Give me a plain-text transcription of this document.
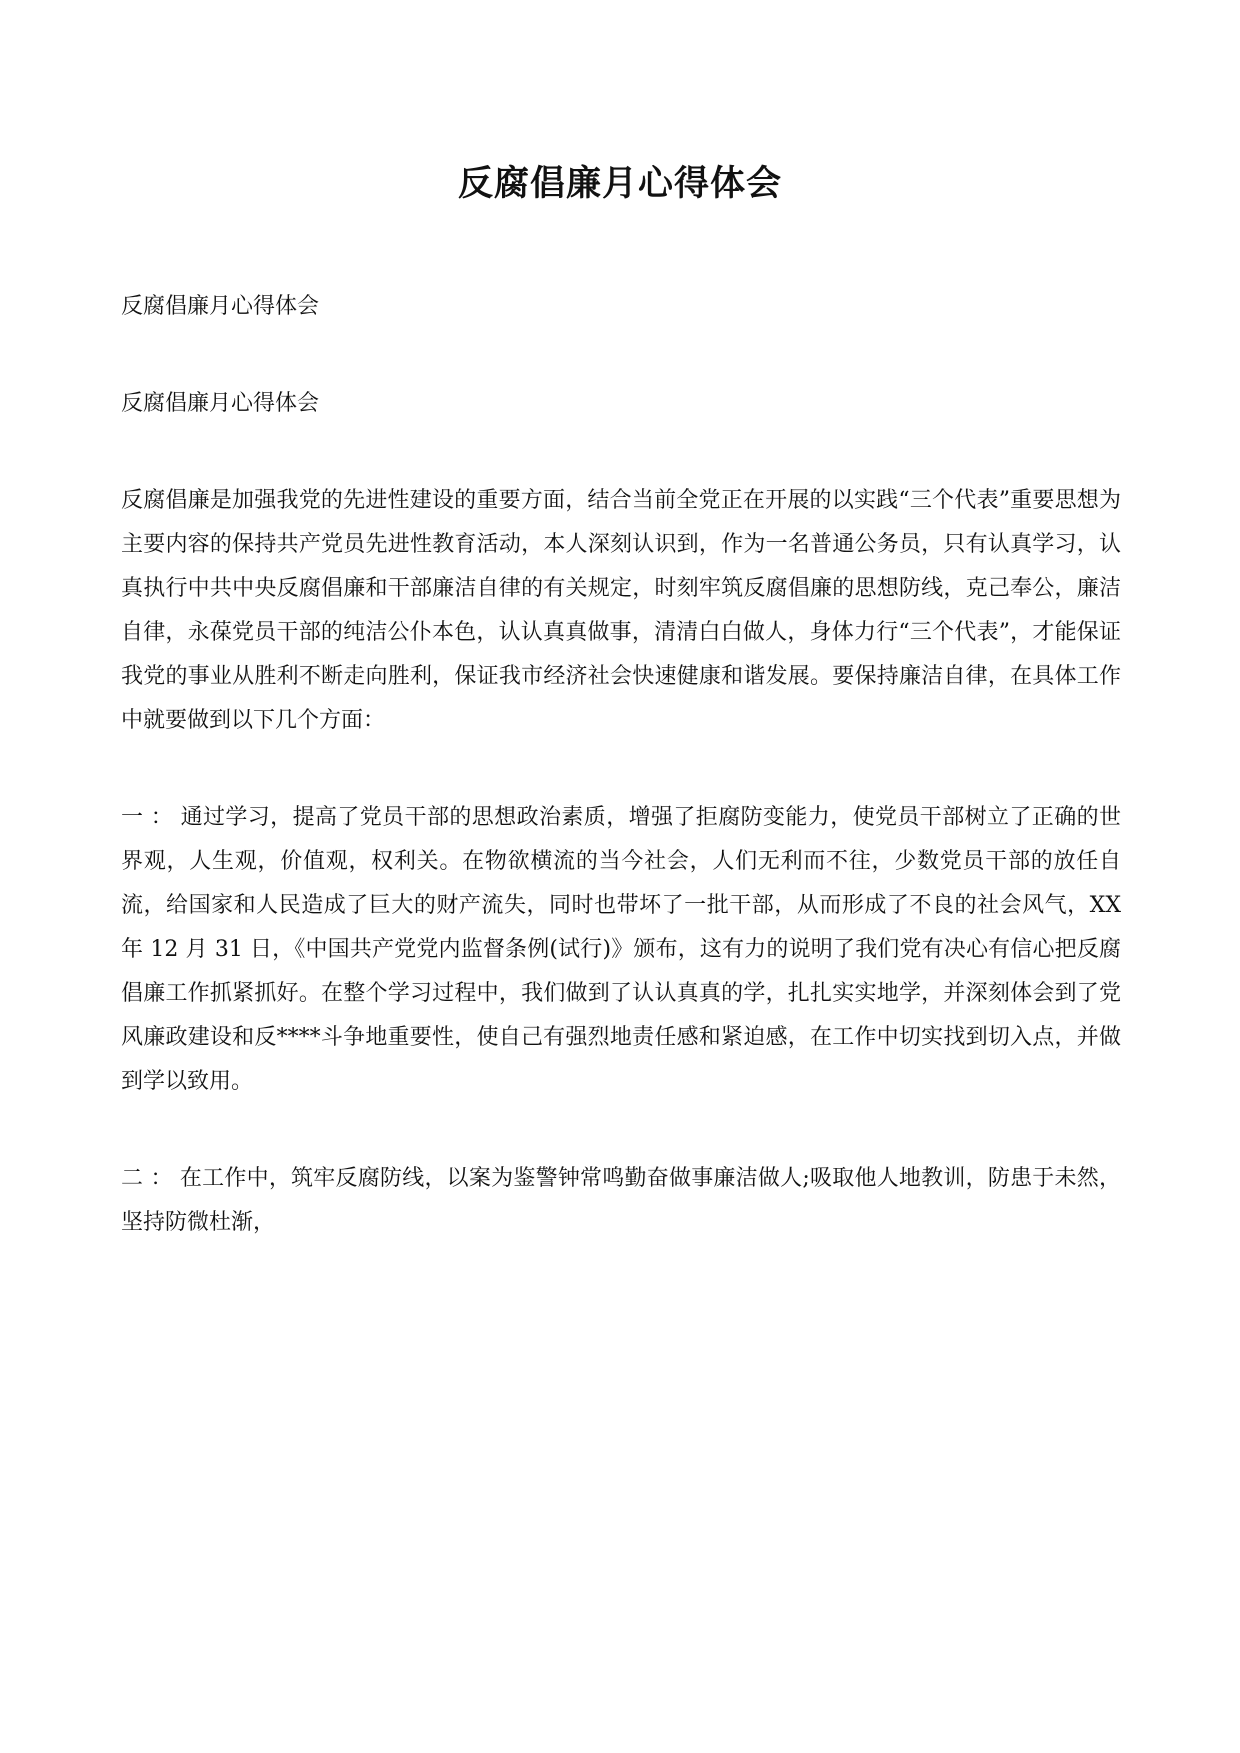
反腐倡廉月心得体会

反腐倡廉月心得体会

反腐倡廉月心得体会

反腐倡廉是加强我党的先进性建设的重要方面，结合当前全党正在开展的以实践“三个代表”重要思想为主要内容的保持共产党员先进性教育活动，本人深刻认识到，作为一名普通公务员，只有认真学习，认真执行中共中央反腐倡廉和干部廉洁自律的有关规定，时刻牢筑反腐倡廉的思想防线，克己奉公，廉洁自律，永葆党员干部的纯洁公仆本色，认认真真做事，清清白白做人，身体力行“三个代表”，才能保证我党的事业从胜利不断走向胜利，保证我市经济社会快速健康和谐发展。要保持廉洁自律，在具体工作中就要做到以下几个方面：

一 ： 通过学习，提高了党员干部的思想政治素质，增强了拒腐防变能力，使党员干部树立了正确的世界观，人生观，价值观，权利关。在物欲横流的当今社会，人们无利而不往，少数党员干部的放任自流，给国家和人民造成了巨大的财产流失，同时也带坏了一批干部，从而形成了不良的社会风气，XX 年 12 月 31 日，《中国共产党党内监督条例(试行)》颁布，这有力的说明了我们党有决心有信心把反腐倡廉工作抓紧抓好。在整个学习过程中，我们做到了认认真真的学，扎扎实实地学，并深刻体会到了党风廉政建设和反****斗争地重要性，使自己有强烈地责任感和紧迫感，在工作中切实找到切入点，并做到学以致用。

二 ： 在工作中，筑牢反腐防线，以案为鉴警钟常鸣勤奋做事廉洁做人;吸取他人地教训，防患于未然，坚持防微杜渐，
